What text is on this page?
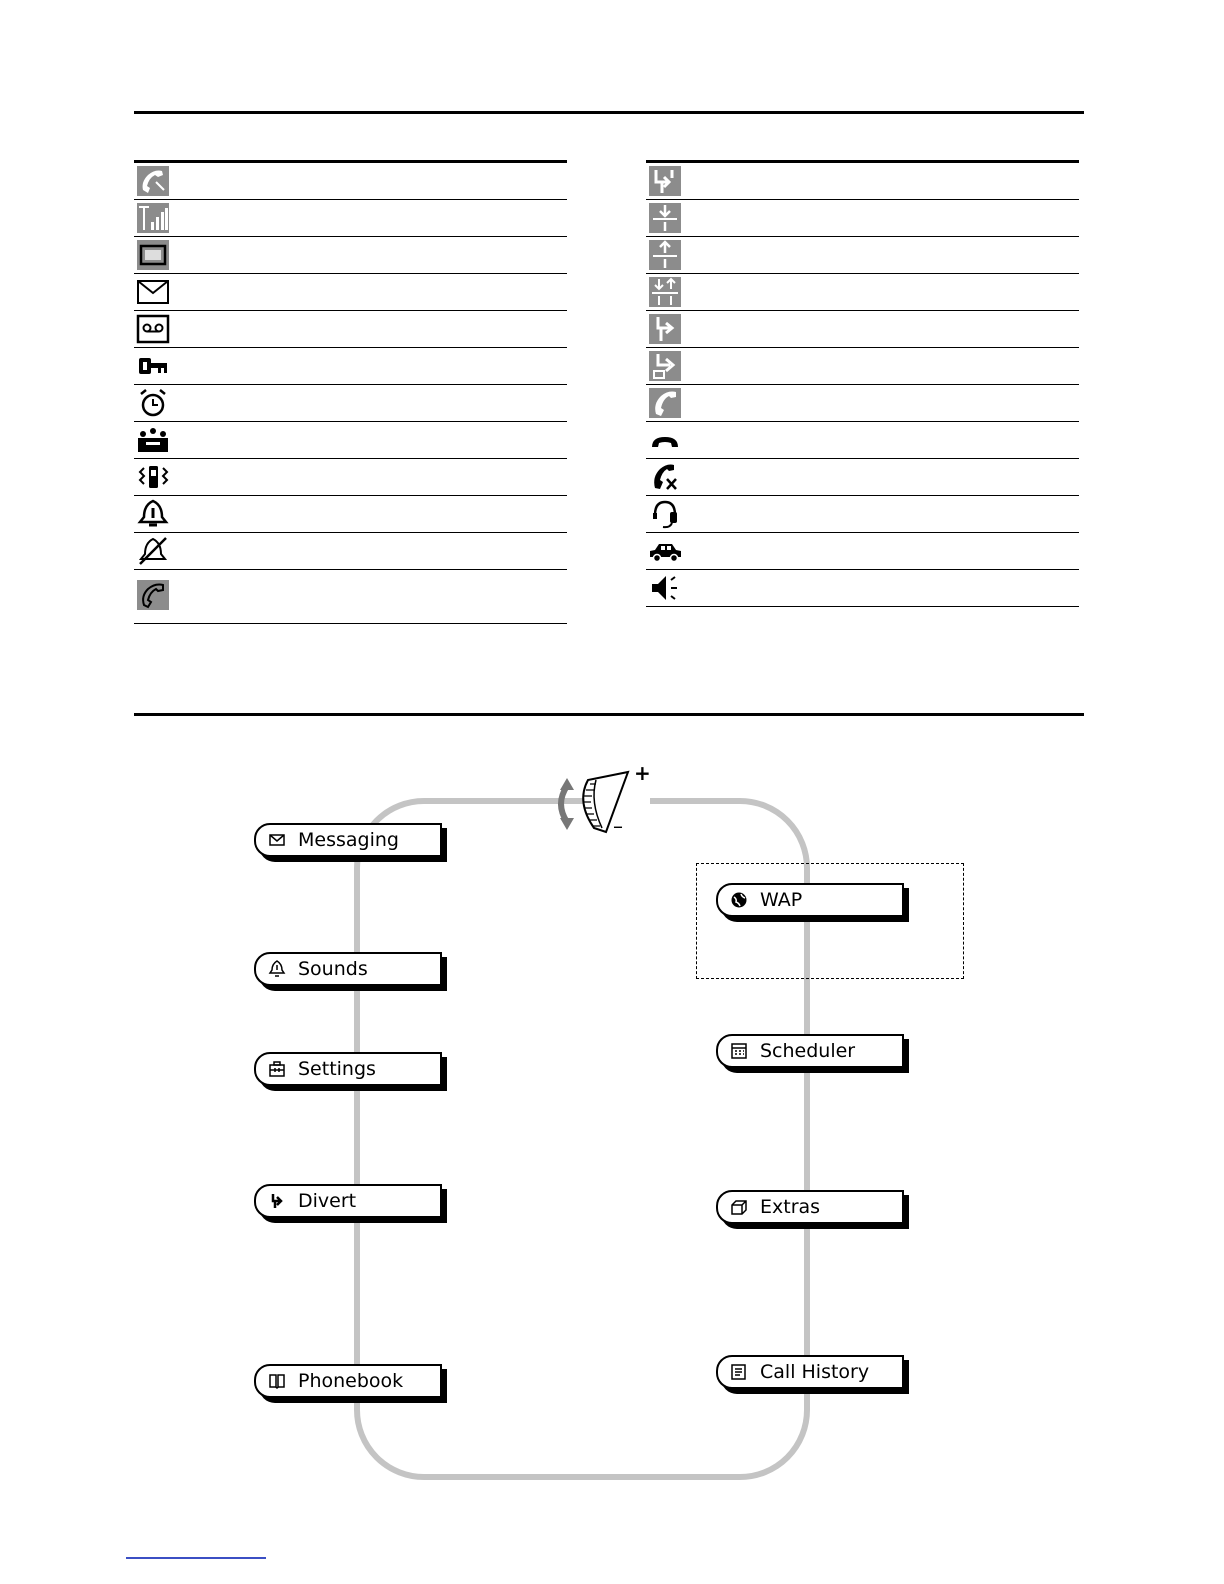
+
–
Messaging
Sounds
Settings
Divert
Phonebook
WAP
Scheduler
Extras
Call History
